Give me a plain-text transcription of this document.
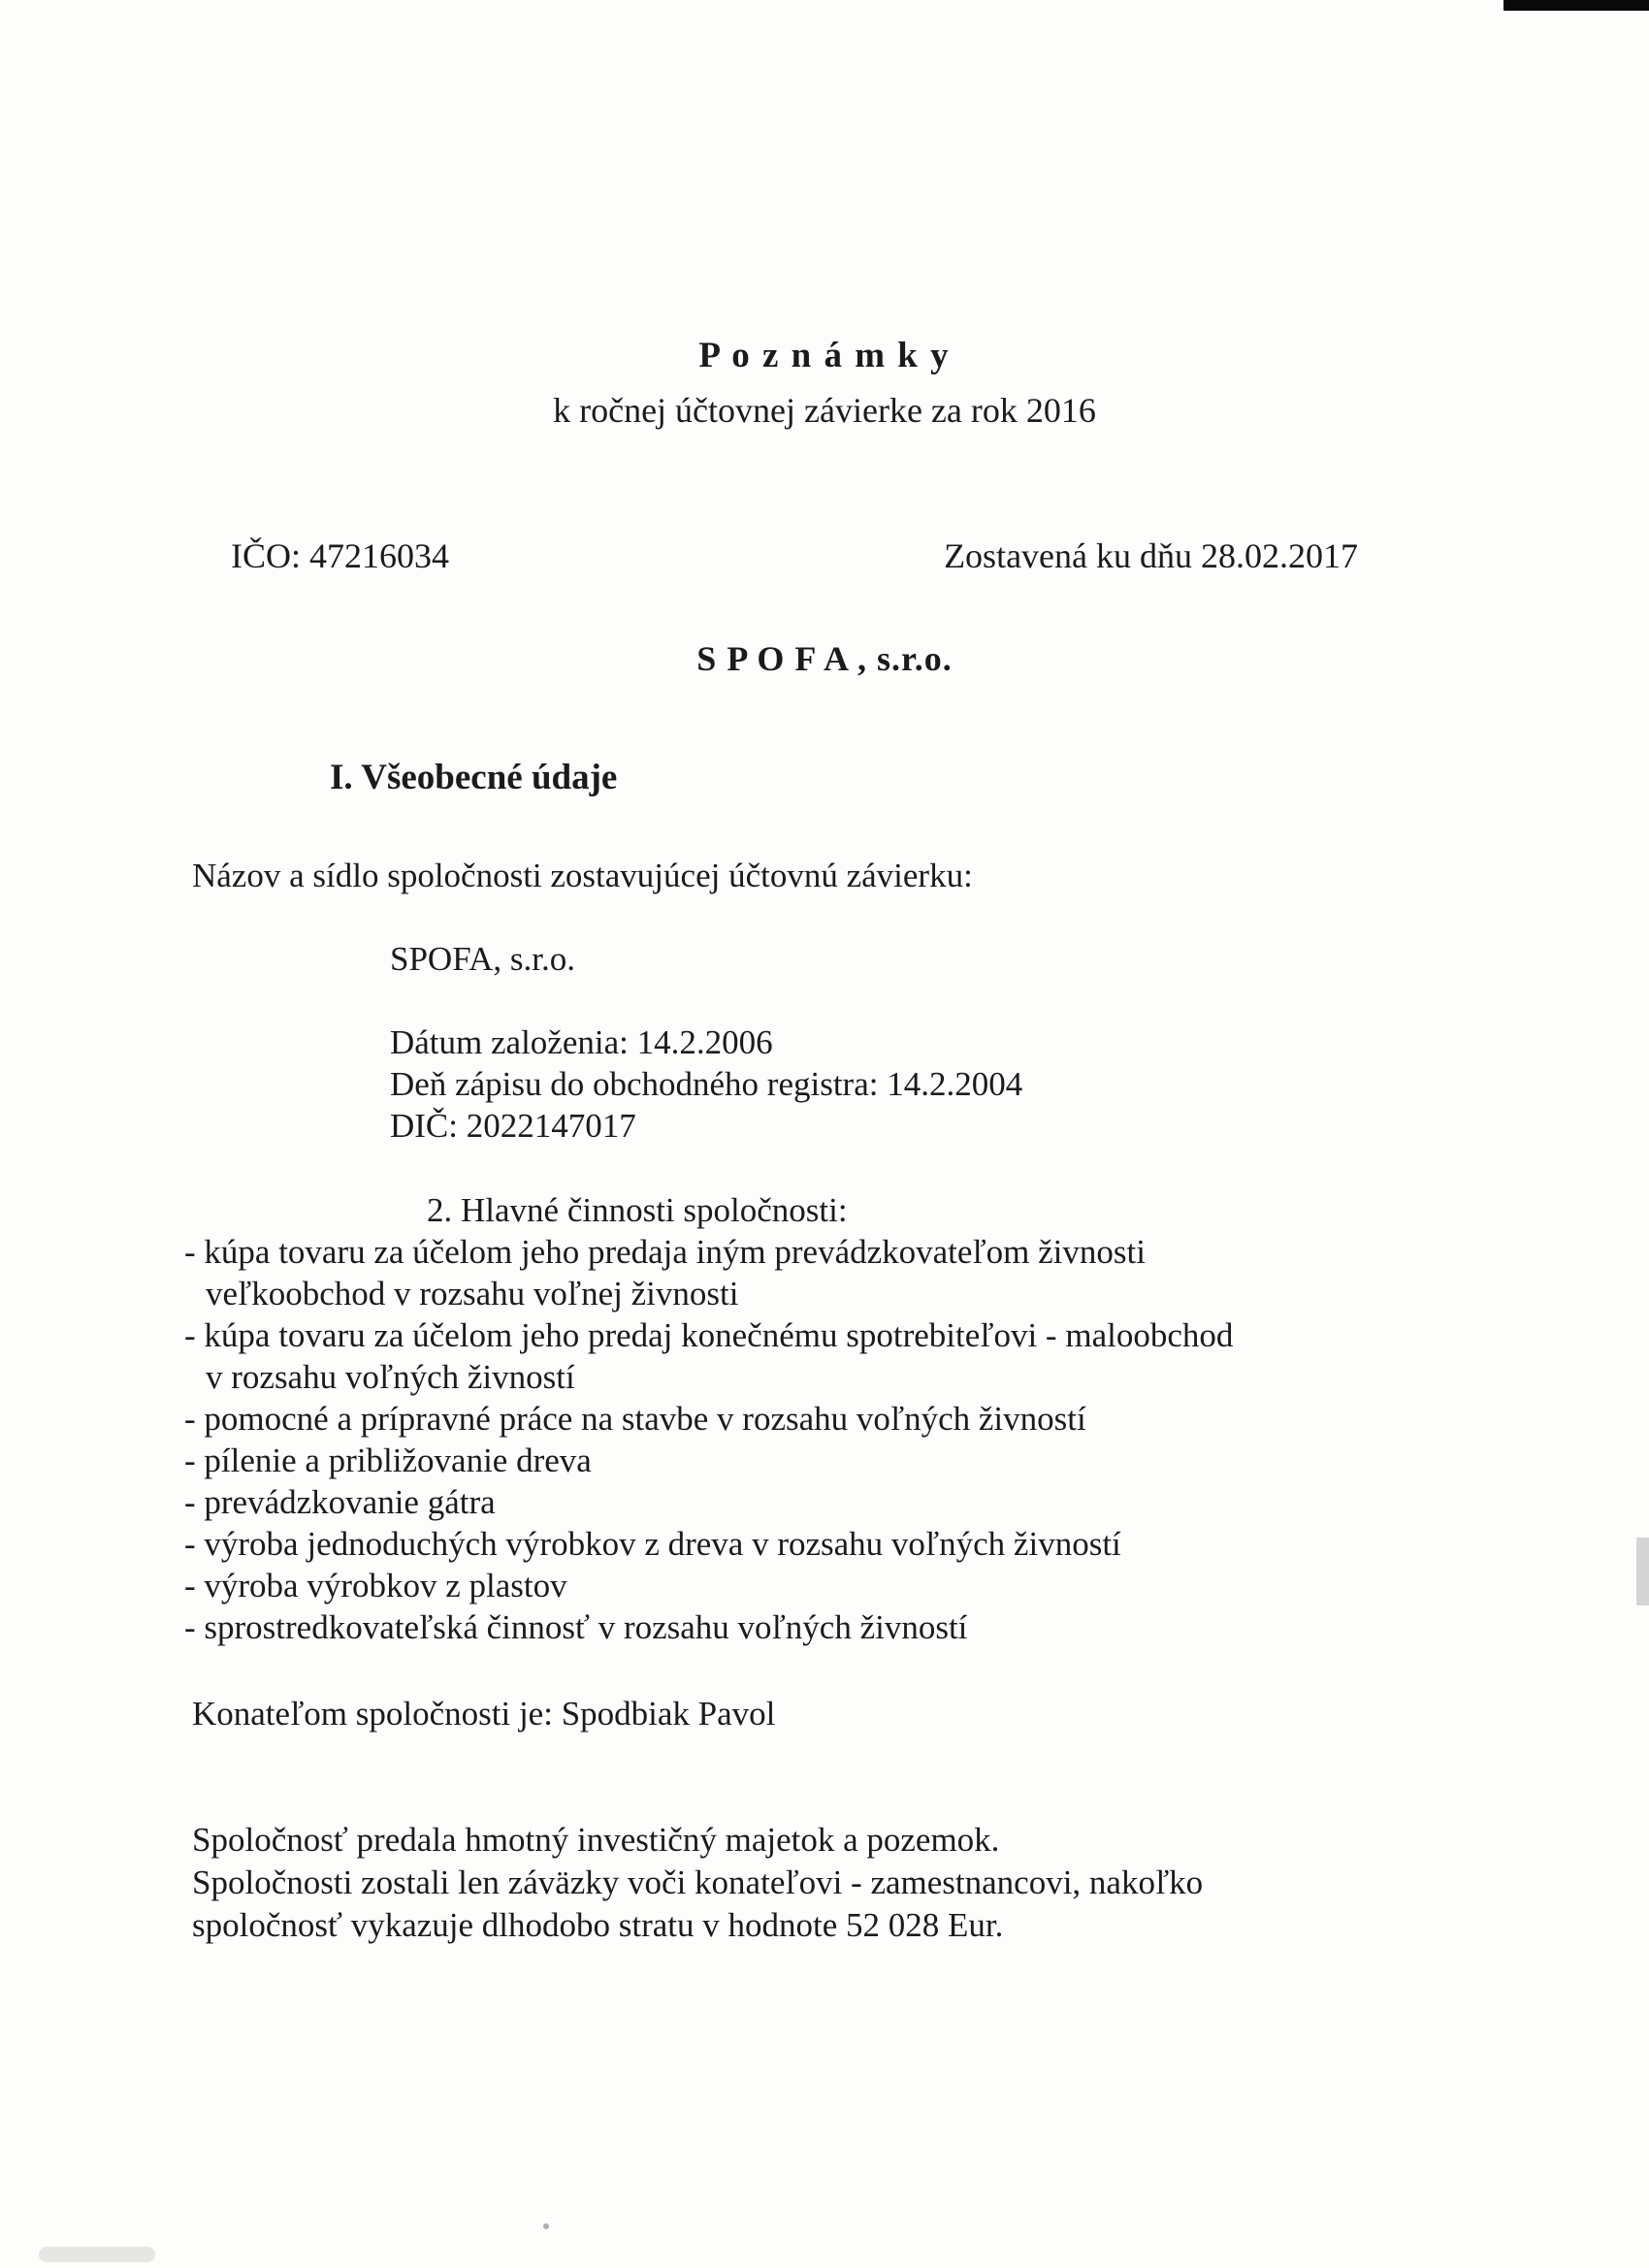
P o z n á m k y
k ročnej účtovnej závierke za rok 2016
IČO: 47216034	Zostavená ku dňu 28.02.2017
S P O F A , s.r.o.
I. Všeobecné údaje
Názov a sídlo spoločnosti zostavujúcej účtovnú závierku:
SPOFA, s.r.o.
Dátum založenia: 14.2.2006
Deň zápisu do obchodného registra: 14.2.2004
DIČ: 2022147017
2. Hlavné činnosti spoločnosti:
- kúpa tovaru za účelom jeho predaja iným prevádzkovateľom živnosti
veľkoobchod v rozsahu voľnej živnosti
- kúpa tovaru za účelom jeho predaj konečnému spotrebiteľovi - maloobchod
v rozsahu voľných živností
- pomocné a prípravné práce na stavbe v rozsahu voľných živností
- pílenie a približovanie dreva
- prevádzkovanie gátra
- výroba jednoduchých výrobkov z dreva v rozsahu voľných živností
- výroba výrobkov z plastov
- sprostredkovateľská činnosť v rozsahu voľných živností
Konateľom spoločnosti je: Spodbiak Pavol
Spoločnosť predala hmotný investičný majetok a pozemok.
Spoločnosti zostali len záväzky voči konateľovi - zamestnancovi, nakoľko
spoločnosť vykazuje dlhodobo stratu v hodnote 52 028 Eur.
